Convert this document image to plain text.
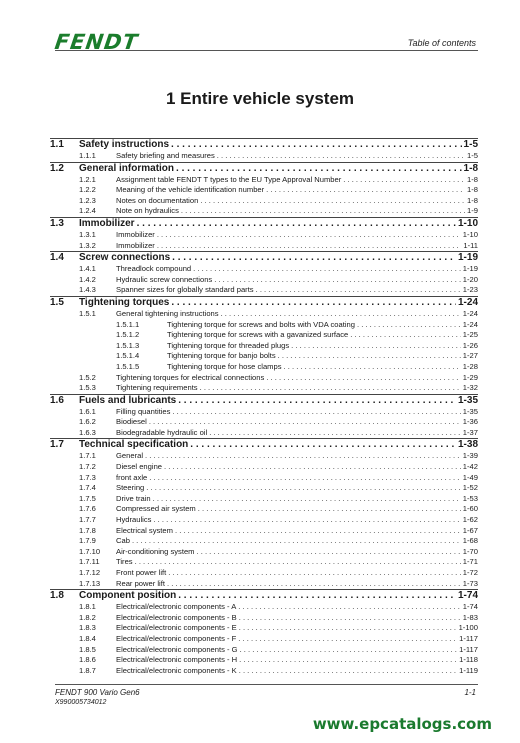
FENDT	Table of contents
1 Entire vehicle system
1.1	Safety instructions . . .	1-5
1.1.1	Safety briefing and measures . . .	1-5
1.2	General information . . .	1-8
1.2.1	Assignment table FENDT T types to the EU Type Approval Number . . .	1-8
1.2.2	Meaning of the vehicle identification number . . .	1-8
1.2.3	Notes on documentation . . .	1-8
1.2.4	Note on hydraulics . . .	1-9
1.3	Immobilizer . . .	1-10
1.3.1	Immobilizer . . .	1-10
1.3.2	Immobilizer . . .	1-11
1.4	Screw connections . . .	1-19
1.4.1	Threadlock compound . . .	1-19
1.4.2	Hydraulic screw connections . . .	1-20
1.4.3	Spanner sizes for globally standard parts . . .	1-23
1.5	Tightening torques . . .	1-24
1.5.1	General tightening instructions . . .	1-24
1.5.1.1	Tightening torque for screws and bolts with VDA coating . . .	1-24
1.5.1.2	Tightening torque for screws with a gavanized surface . . .	1-25
1.5.1.3	Tightening torque for threaded plugs . . .	1-26
1.5.1.4	Tightening torque for banjo bolts . . .	1-27
1.5.1.5	Tightening torque for hose clamps . . .	1-28
1.5.2	Tightening torques for electrical connections . . .	1-29
1.5.3	Tightening requirements . . .	1-32
1.6	Fuels and lubricants . . .	1-35
1.6.1	Filling quantities . . .	1-35
1.6.2	Biodiesel . . .	1-36
1.6.3	Biodegradable hydraulic oil . . .	1-37
1.7	Technical specification . . .	1-38
1.7.1	General . . .	1-39
1.7.2	Diesel engine . . .	1-42
1.7.3	front axle . . .	1-49
1.7.4	Steering . . .	1-52
1.7.5	Drive train . . .	1-53
1.7.6	Compressed air system . . .	1-60
1.7.7	Hydraulics . . .	1-62
1.7.8	Electrical system . . .	1-67
1.7.9	Cab . . .	1-68
1.7.10	Air-conditioning system . . .	1-70
1.7.11	Tires . . .	1-71
1.7.12	Front power lift . . .	1-72
1.7.13	Rear power lift . . .	1-73
1.8	Component position . . .	1-74
1.8.1	Electrical/electronic components - A . . .	1-74
1.8.2	Electrical/electronic components - B . . .	1-83
1.8.3	Electrical/electronic components - E . . .	1-100
1.8.4	Electrical/electronic components - F . . .	1-117
1.8.5	Electrical/electronic components - G . . .	1-117
1.8.6	Electrical/electronic components - H . . .	1-118
1.8.7	Electrical/electronic components - K . . .	1-119
FENDT 900 Vario Gen6
X990005734012
1-1
www.epcatalogs.com
